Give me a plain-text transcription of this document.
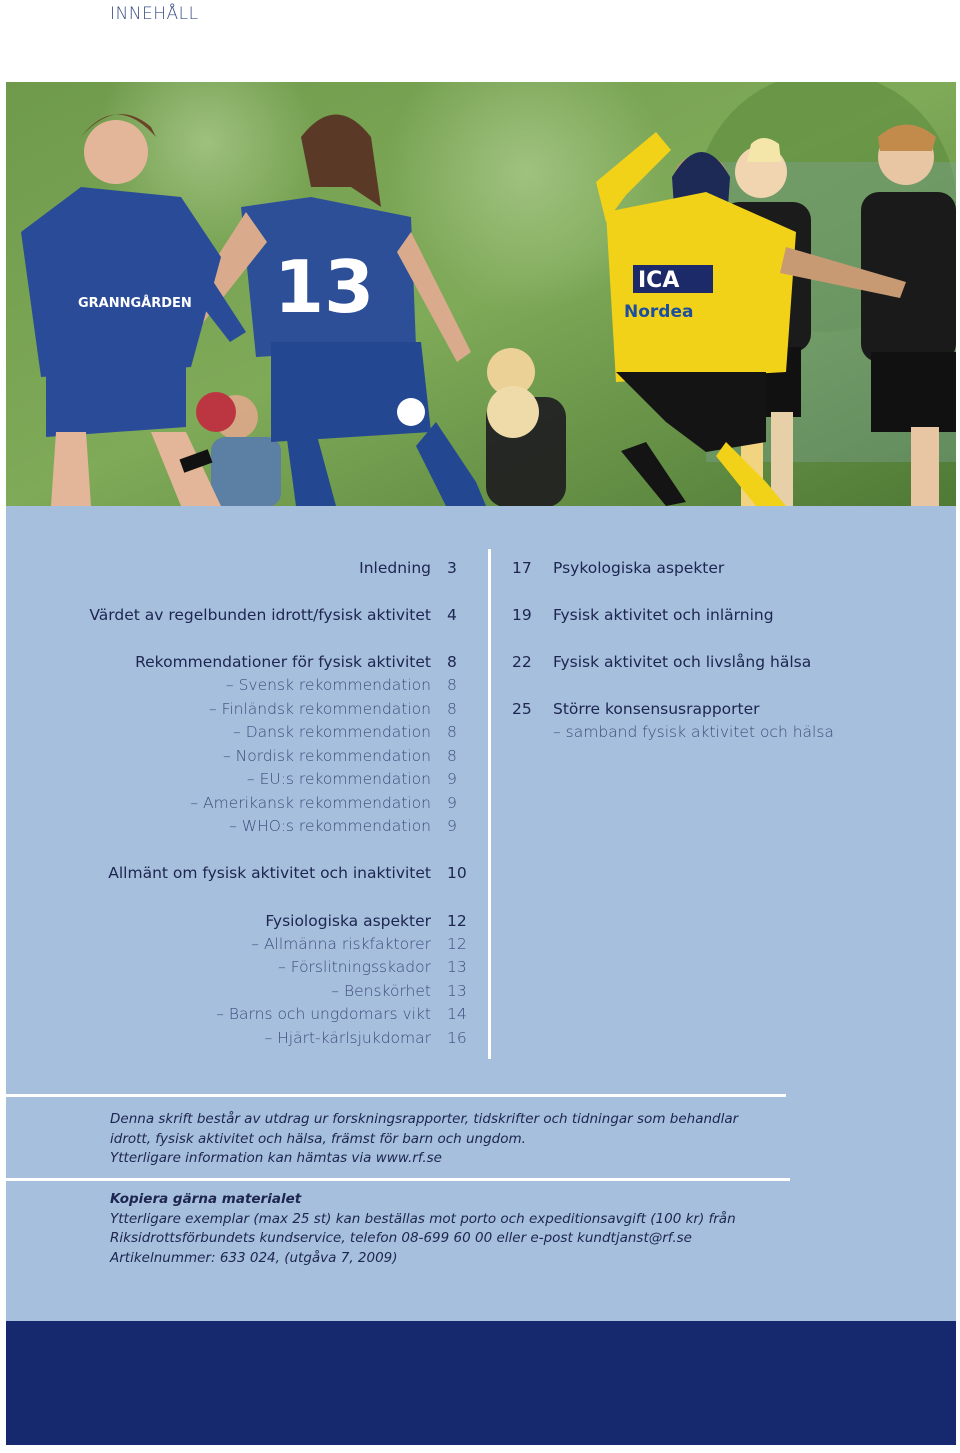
INNEHÅLL
ICA
Nordea
13
GRANNGÅRDEN
Inledning 3
Värdet av regelbunden idrott/fysisk aktivitet 4
Rekommendationer för fysisk aktivitet 8
– Svensk rekommendation 8
– Finländsk rekommendation 8
– Dansk rekommendation 8
– Nordisk rekommendation 8
– EU:s rekommendation 9
– Amerikansk rekommendation 9
– WHO:s rekommendation 9
Allmänt om fysisk aktivitet och inaktivitet 10
Fysiologiska aspekter 12
– Allmänna riskfaktorer 12
– Förslitningsskador 13
– Benskörhet 13
– Barns och ungdomars vikt 14
– Hjärt-kärlsjukdomar 16
17 Psykologiska aspekter
19 Fysisk aktivitet och inlärning
22 Fysisk aktivitet och livslång hälsa
25 Större konsensusrapporter
– samband fysisk aktivitet och hälsa
Denna skrift består av utdrag ur forskningsrapporter, tidskrifter och tidningar som behandlar
idrott, fysisk aktivitet och hälsa, främst för barn och ungdom.
Ytterligare information kan hämtas via www.rf.se
Kopiera gärna materialet
Ytterligare exemplar (max 25 st) kan beställas mot porto och expeditionsavgift (100 kr) från
Riksidrottsförbundets kundservice, telefon 08-699 60 00 eller e-post kundtjanst@rf.se
Artikelnummer: 633 024, (utgåva 7, 2009)
